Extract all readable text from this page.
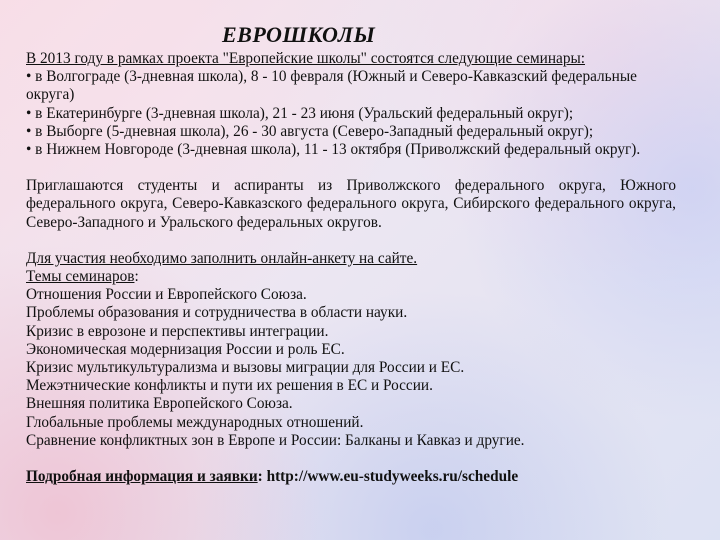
ЕВРОШКОЛЫ

В 2013 году в рамках проекта "Европейские школы" состоятся следующие семинары:

• в Волгограде (3-дневная школа), 8 - 10 февраля (Южный и Северо-Кавказский федеральные округа)

• в Екатеринбурге (3-дневная школа), 21 - 23 июня (Уральский федеральный округ);

• в Выборге (5-дневная школа), 26 - 30 августа (Северо-Западный федеральный округ);

• в Нижнем Новгороде (3-дневная школа), 11 - 13 октября (Приволжский федеральный округ).

Приглашаются студенты и аспиранты из Приволжского федерального округа, Южного федерального округа, Северо-Кавказского федерального округа, Сибирского федерального округа, Северо-Западного и Уральского федеральных округов.

Для участия необходимо заполнить онлайн-анкету на сайте.

Темы семинаров:

Отношения России и Европейского Союза.

Проблемы образования и сотрудничества в области науки.

Кризис в еврозоне и перспективы интеграции.

Экономическая модернизация России и роль ЕС.

Кризис мультикультурализма и вызовы миграции для России и ЕС.

Межэтнические конфликты и пути их решения в ЕС и России.

Внешняя политика Европейского Союза.

Глобальные проблемы международных отношений.

Сравнение конфликтных зон в Европе и России: Балканы и Кавказ и другие.

Подробная информация и заявки: http://www.eu-studyweeks.ru/schedule
